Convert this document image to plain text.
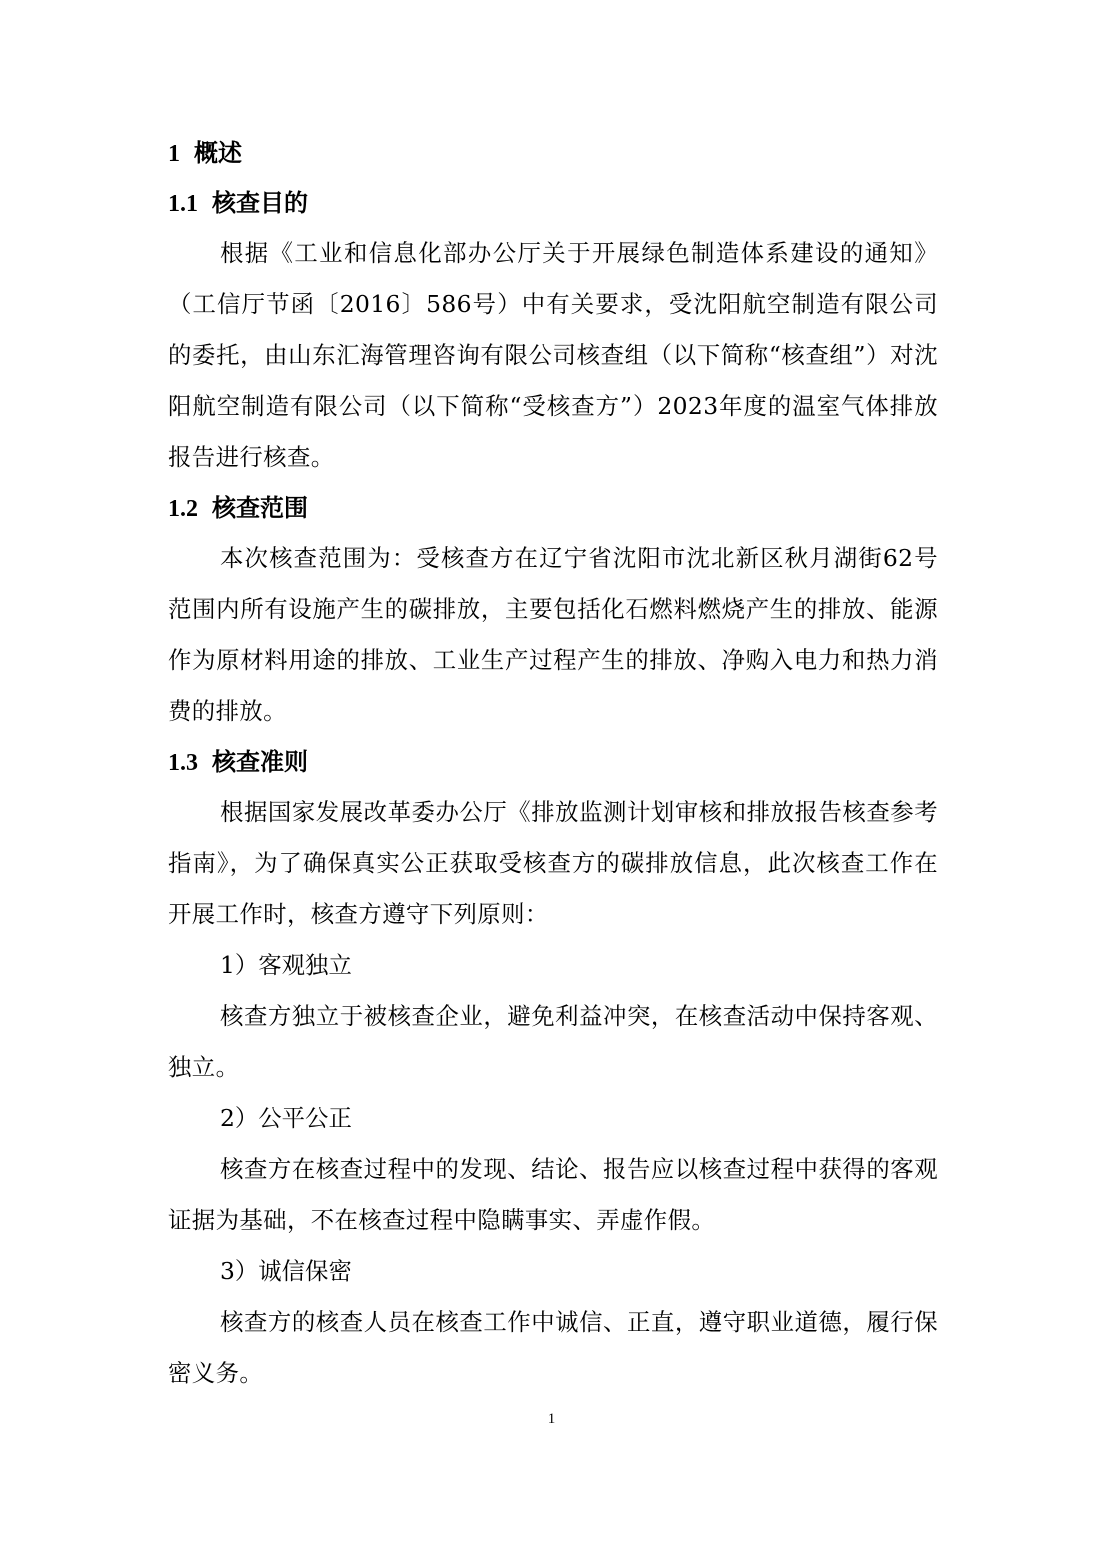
1 概述
1.1 核查目的

根据《工业和信息化部办公厅关于开展绿色制造体系建设的通知》（工信厅节函〔2016〕586号）中有关要求，受沈阳航空制造有限公司的委托，由山东汇海管理咨询有限公司核查组（以下简称“核查组”）对沈阳航空制造有限公司（以下简称“受核查方”）2023年度的温室气体排放报告进行核查。

1.2 核查范围

本次核查范围为：受核查方在辽宁省沈阳市沈北新区秋月湖街62号范围内所有设施产生的碳排放，主要包括化石燃料燃烧产生的排放、能源作为原材料用途的排放、工业生产过程产生的排放、净购入电力和热力消费的排放。

1.3 核查准则

根据国家发展改革委办公厅《排放监测计划审核和排放报告核查参考指南》，为了确保真实公正获取受核查方的碳排放信息，此次核查工作在开展工作时，核查方遵守下列原则：

1）客观独立

核查方独立于被核查企业，避免利益冲突，在核查活动中保持客观、独立。

2）公平公正

核查方在核查过程中的发现、结论、报告应以核查过程中获得的客观证据为基础，不在核查过程中隐瞒事实、弄虚作假。

3）诚信保密

核查方的核查人员在核查工作中诚信、正直，遵守职业道德，履行保密义务。

1
